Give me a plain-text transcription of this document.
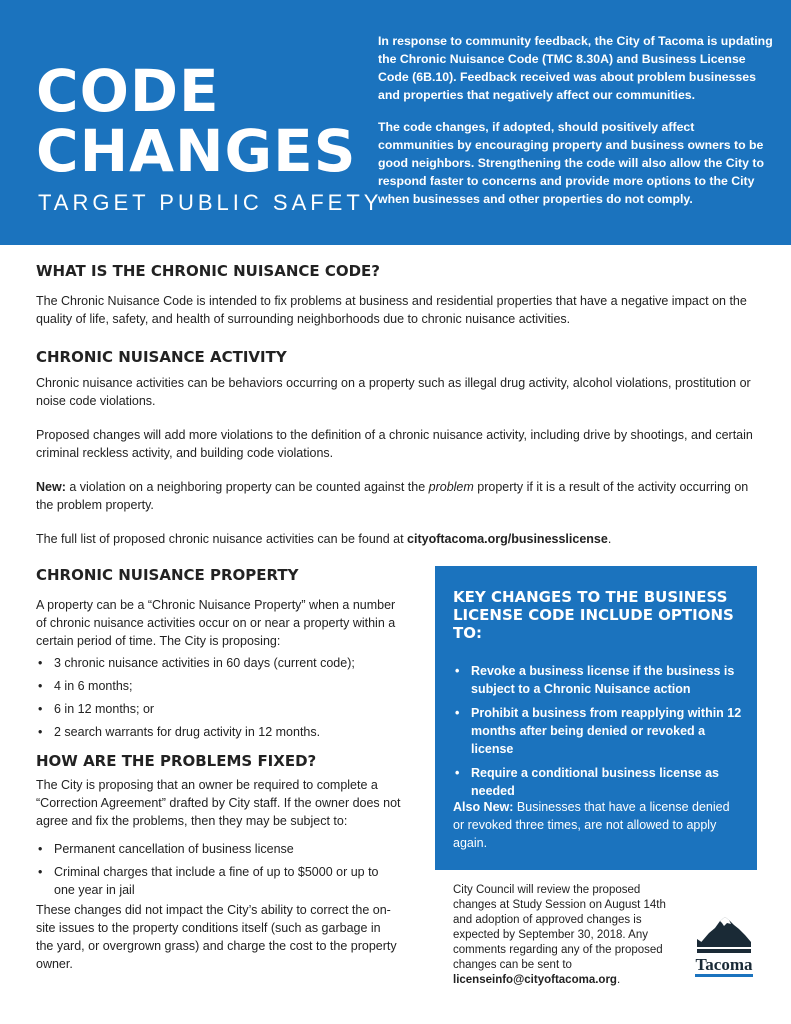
CODE
CHANGES
TARGET PUBLIC SAFETY

In response to community feedback, the City of Tacoma is updating the Chronic Nuisance Code (TMC 8.30A) and Business License Code (6B.10). Feedback received was about problem businesses and properties that negatively affect our communities.

The code changes, if adopted, should positively affect communities by encouraging property and business owners to be good neighbors. Strengthening the code will also allow the City to respond faster to concerns and provide more options to the City when businesses and other properties do not comply.

WHAT IS THE CHRONIC NUISANCE CODE?

The Chronic Nuisance Code is intended to fix problems at business and residential properties that have a negative impact on the quality of life, safety, and health of surrounding neighborhoods due to chronic nuisance activities.

CHRONIC NUISANCE ACTIVITY

Chronic nuisance activities can be behaviors occurring on a property such as illegal drug activity, alcohol violations, prostitution or noise code violations.

Proposed changes will add more violations to the definition of a chronic nuisance activity, including drive by shootings, and certain criminal reckless activity, and building code violations.

New: a violation on a neighboring property can be counted against the problem property if it is a result of the activity occurring on the problem property.

The full list of proposed chronic nuisance activities can be found at cityoftacoma.org/businesslicense.

CHRONIC NUISANCE PROPERTY

A property can be a “Chronic Nuisance Property” when a number of chronic nuisance activities occur on or near a property within a certain period of time. The City is proposing:

• 3 chronic nuisance activities in 60 days (current code);
• 4 in 6 months;
• 6 in 12 months; or
• 2 search warrants for drug activity in 12 months.
HOW ARE THE PROBLEMS FIXED?

The City is proposing that an owner be required to complete a “Correction Agreement” drafted by City staff. If the owner does not agree and fix the problems, then they may be subject to:

• Permanent cancellation of business license
• Criminal charges that include a fine of up to $5000 or up to one year in jail

These changes did not impact the City’s ability to correct the on-site issues to the property conditions itself (such as garbage in the yard, or overgrown grass) and charge the cost to the property owner.

KEY CHANGES TO THE BUSINESS LICENSE CODE INCLUDE OPTIONS TO:
• Revoke a business license if the business is subject to a Chronic Nuisance action
• Prohibit a business from reapplying within 12 months after being denied or revoked a license
• Require a conditional business license as needed

Also New: Businesses that have a license denied or revoked three times, are not allowed to apply again.

City Council will review the proposed changes at Study Session on August 14th and adoption of approved changes is expected by September 30, 2018. Any comments regarding any of the proposed changes can be sent to licenseinfo@cityoftacoma.org.
Tacoma
